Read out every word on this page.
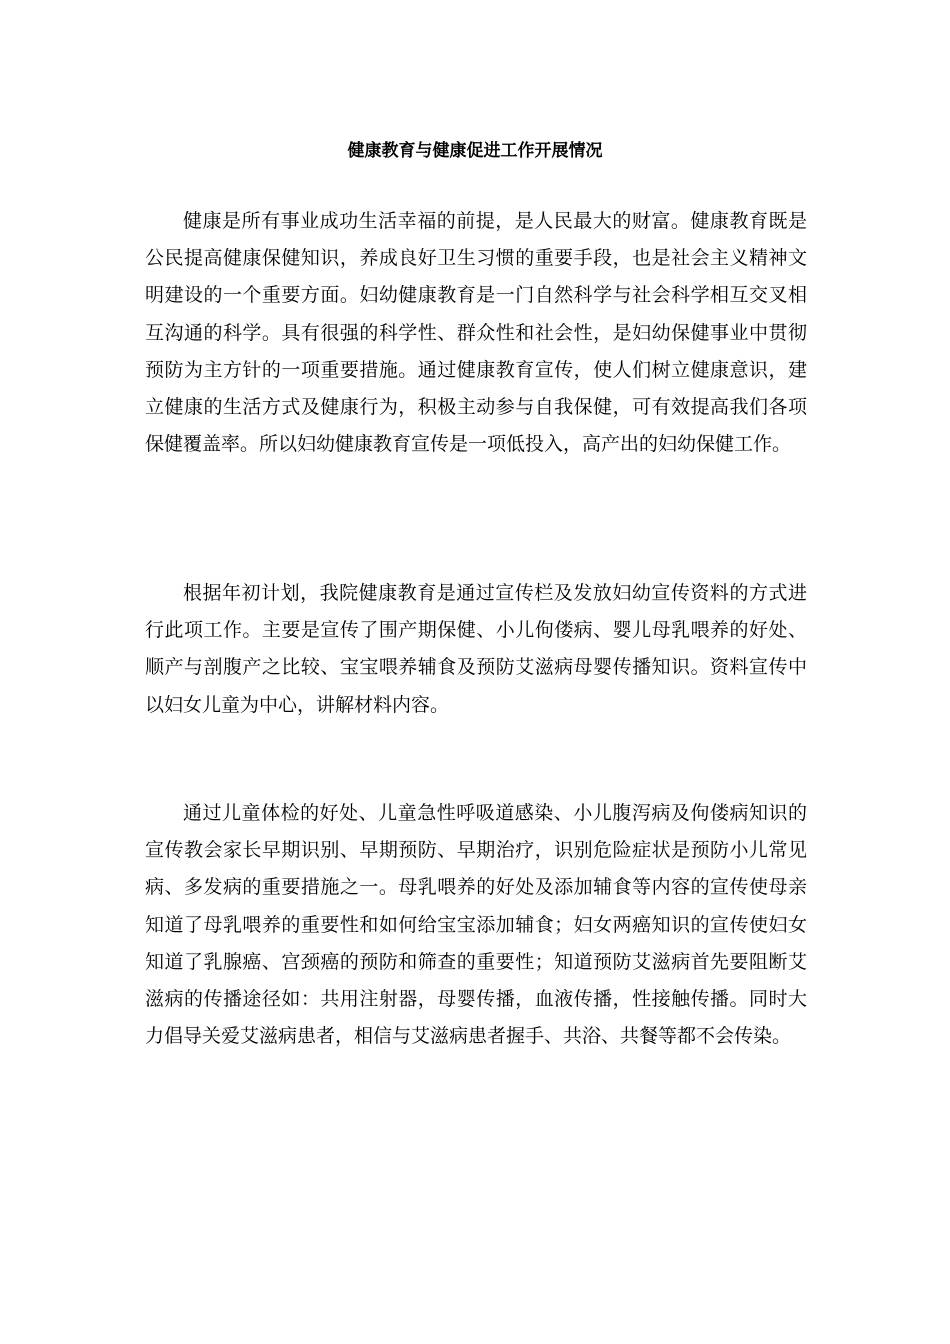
健康教育与健康促进工作开展情况

健康是所有事业成功生活幸福的前提，是人民最大的财富。健康教育既是公民提高健康保健知识，养成良好卫生习惯的重要手段，也是社会主义精神文明建设的一个重要方面。妇幼健康教育是一门自然科学与社会科学相互交叉相互沟通的科学。具有很强的科学性、群众性和社会性，是妇幼保健事业中贯彻预防为主方针的一项重要措施。通过健康教育宣传，使人们树立健康意识，建立健康的生活方式及健康行为，积极主动参与自我保健，可有效提高我们各项保健覆盖率。所以妇幼健康教育宣传是一项低投入，高产出的妇幼保健工作。

根据年初计划，我院健康教育是通过宣传栏及发放妇幼宣传资料的方式进行此项工作。主要是宣传了围产期保健、小儿佝偻病、婴儿母乳喂养的好处、顺产与剖腹产之比较、宝宝喂养辅食及预防艾滋病母婴传播知识。资料宣传中以妇女儿童为中心，讲解材料内容。

通过儿童体检的好处、儿童急性呼吸道感染、小儿腹泻病及佝偻病知识的宣传教会家长早期识别、早期预防、早期治疗，识别危险症状是预防小儿常见病、多发病的重要措施之一。母乳喂养的好处及添加辅食等内容的宣传使母亲知道了母乳喂养的重要性和如何给宝宝添加辅食；妇女两癌知识的宣传使妇女知道了乳腺癌、宫颈癌的预防和筛查的重要性；知道预防艾滋病首先要阻断艾滋病的传播途径如：共用注射器，母婴传播，血液传播，性接触传播。同时大力倡导关爱艾滋病患者，相信与艾滋病患者握手、共浴、共餐等都不会传染。
